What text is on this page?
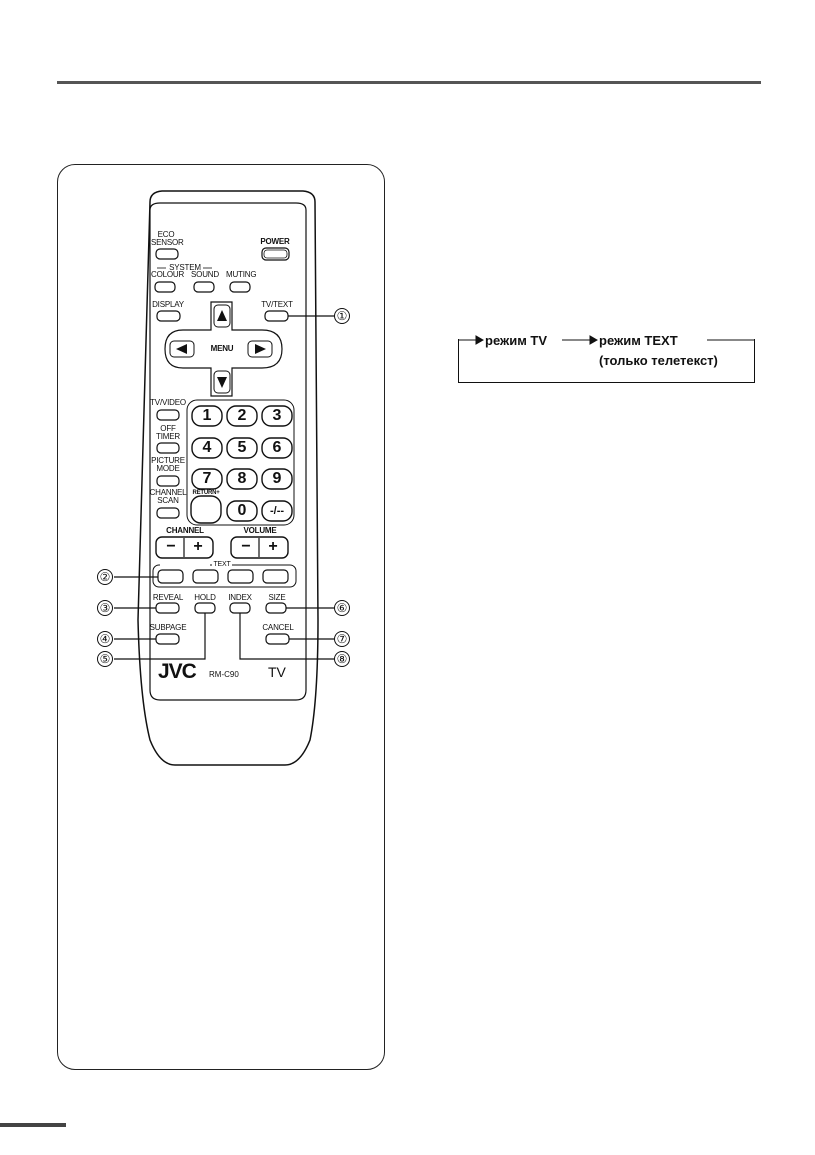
ECO
SENSOR	POWER
SYSTEM
COLOUR SOUND MUTING
DISPLAY	TV/TEXT
MENU
TV/VIDEO
OFF
TIMER
PICTURE
MODE
CHANNEL
SCAN
1	2	3
4	5	6
7	8	9
0	-/--
RETURN+
CHANNEL	VOLUME
−	+	−	+
TEXT
REVEAL	HOLD	INDEX	SIZE
SUBPAGE	CANCEL
JVC RM-C90 TV
①
②
③
④
⑤
⑥
⑦
⑧
режим TV	режим TEXT
(только телетекст)
